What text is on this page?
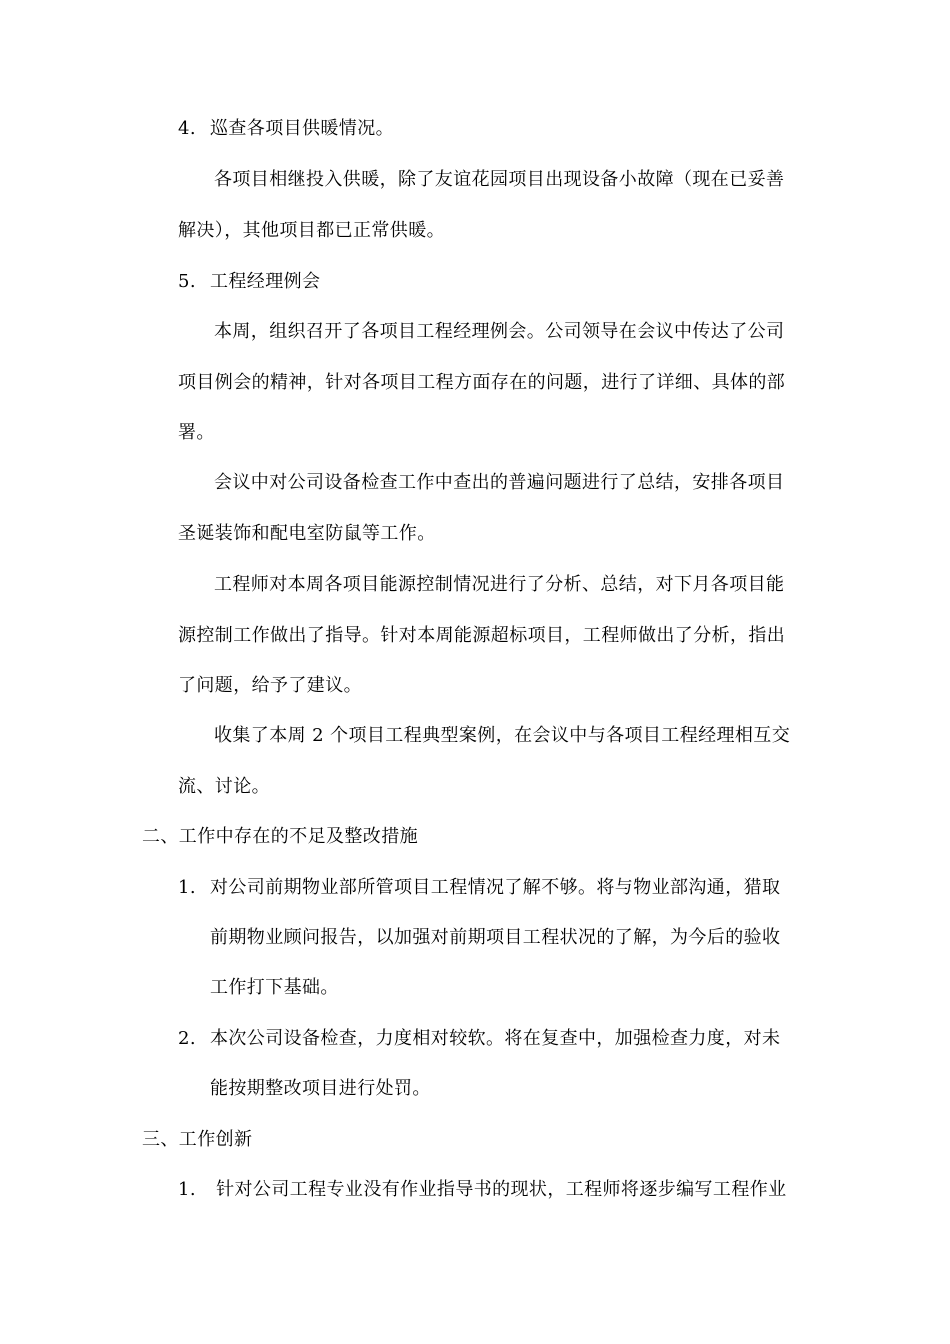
4. 巡查各项目供暖情况。
各项目相继投入供暖，除了友谊花园项目出现设备小故障（现在已妥善
解决），其他项目都已正常供暖。
5. 工程经理例会
本周，组织召开了各项目工程经理例会。公司领导在会议中传达了公司
项目例会的精神，针对各项目工程方面存在的问题，进行了详细、具体的部
署。
会议中对公司设备检查工作中查出的普遍问题进行了总结，安排各项目
圣诞装饰和配电室防鼠等工作。
工程师对本周各项目能源控制情况进行了分析、总结，对下月各项目能
源控制工作做出了指导。针对本周能源超标项目，工程师做出了分析，指出
了问题，给予了建议。
收集了本周 2 个项目工程典型案例，在会议中与各项目工程经理相互交
流、讨论。
二、工作中存在的不足及整改措施
1. 对公司前期物业部所管项目工程情况了解不够。将与物业部沟通，猎取
前期物业顾问报告，以加强对前期项目工程状况的了解，为今后的验收
工作打下基础。
2. 本次公司设备检查，力度相对较软。将在复查中，加强检查力度，对未
能按期整改项目进行处罚。
三、工作创新
1. 针对公司工程专业没有作业指导书的现状，工程师将逐步编写工程作业
